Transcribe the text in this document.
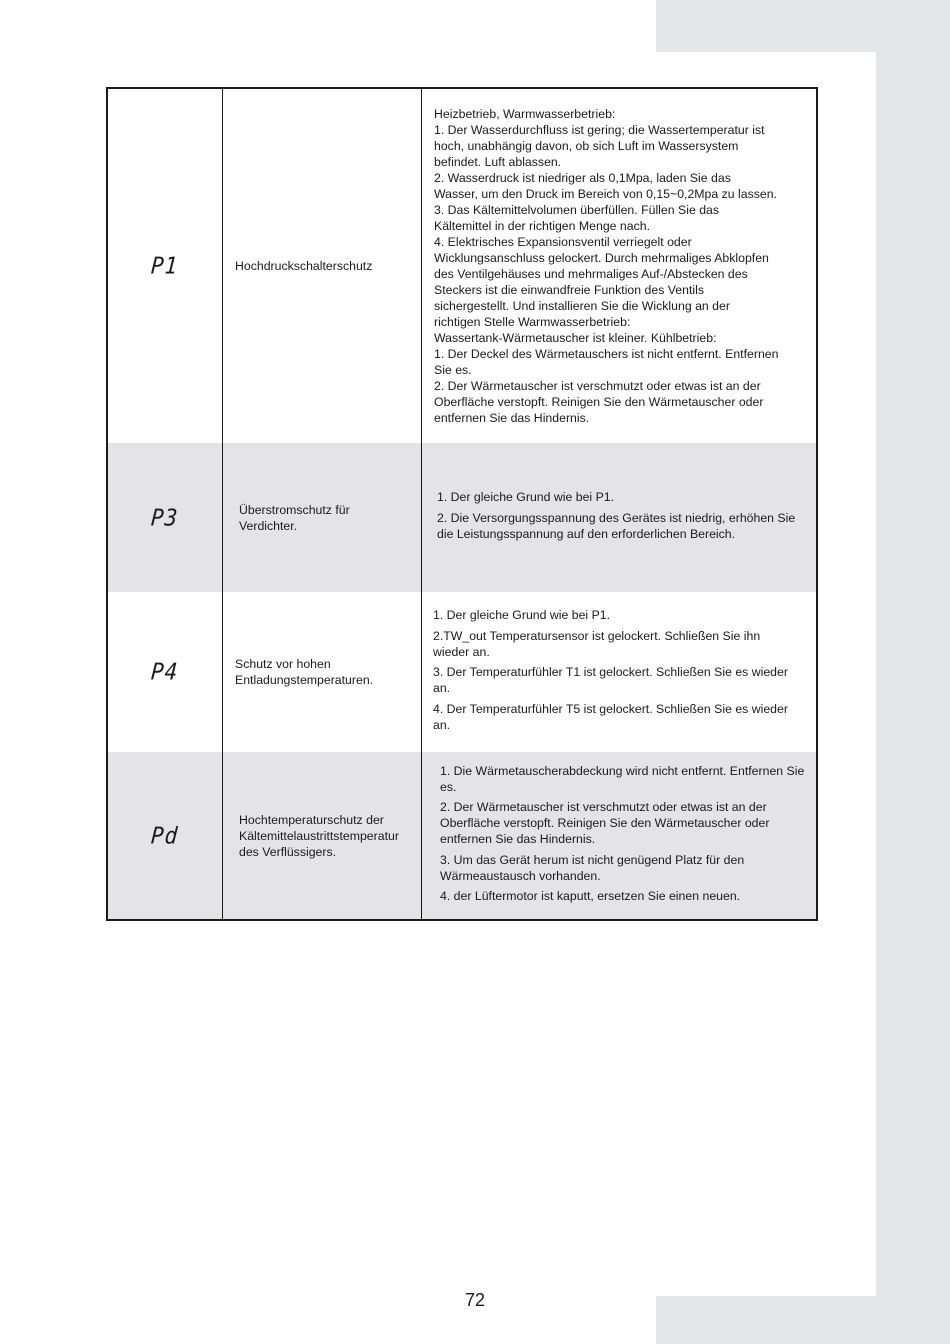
P1	Hochdruckschalterschutz

Heizbetrieb, Warmwasserbetrieb:

1. Der Wasserdurchfluss ist gering; die Wassertemperatur ist

hoch, unabhängig davon, ob sich Luft im Wassersystem

befindet. Luft ablassen.

2. Wasserdruck ist niedriger als 0,1Mpa, laden Sie das

Wasser, um den Druck im Bereich von 0,15~0,2Mpa zu lassen.

3. Das Kältemittelvolumen überfüllen. Füllen Sie das

Kältemittel in der richtigen Menge nach.

4. Elektrisches Expansionsventil verriegelt oder

Wicklungsanschluss gelockert. Durch mehrmaliges Abklopfen

des Ventilgehäuses und mehrmaliges Auf-/Abstecken des

Steckers ist die einwandfreie Funktion des Ventils

sichergestellt. Und installieren Sie die Wicklung an der

richtigen Stelle Warmwasserbetrieb:

Wassertank-Wärmetauscher ist kleiner. Kühlbetrieb:

1. Der Deckel des Wärmetauschers ist nicht entfernt. Entfernen

Sie es.

2. Der Wärmetauscher ist verschmutzt oder etwas ist an der

Oberfläche verstopft. Reinigen Sie den Wärmetauscher oder

entfernen Sie das Hindernis.

P3	Überstromschutz für Verdichter.

1. Der gleiche Grund wie bei P1.

2. Die Versorgungsspannung des Gerätes ist niedrig, erhöhen Sie die Leistungsspannung auf den erforderlichen Bereich.

P4	Schutz vor hohen Entladungstemperaturen.

1. Der gleiche Grund wie bei P1.

2.TW_out Temperatursensor ist gelockert. Schließen Sie ihn wieder an.

3. Der Temperaturfühler T1 ist gelockert. Schließen Sie es wieder an.

4. Der Temperaturfühler T5 ist gelockert. Schließen Sie es wieder an.

Pd
Hochtemperaturschutz der Kältemittelaustrittstemperatur des Verflüssigers.

1. Die Wärmetauscherabdeckung wird nicht entfernt. Entfernen Sie es.

2. Der Wärmetauscher ist verschmutzt oder etwas ist an der Oberfläche verstopft. Reinigen Sie den Wärmetauscher oder entfernen Sie das Hindernis.

3. Um das Gerät herum ist nicht genügend Platz für den Wärmeaustausch vorhanden.

4. der Lüftermotor ist kaputt, ersetzen Sie einen neuen.

72
